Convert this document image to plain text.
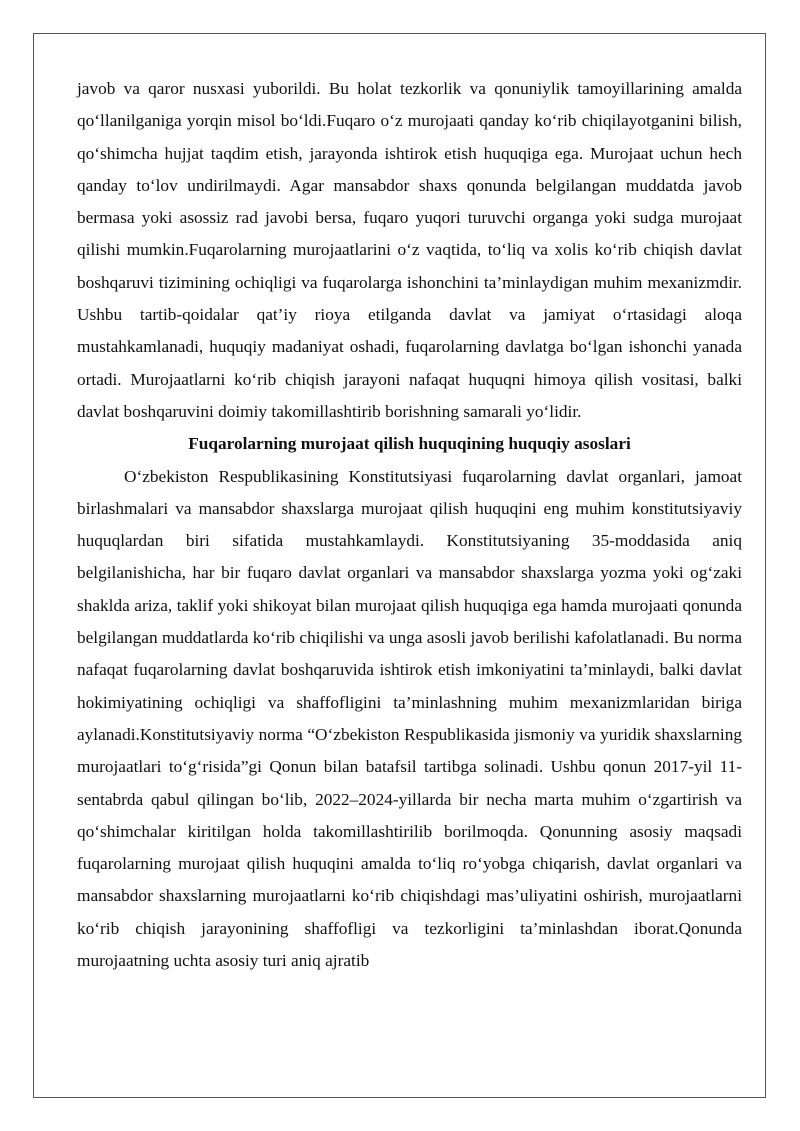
javob va qaror nusxasi yuborildi. Bu holat tezkorlik va qonuniylik tamoyillarining amalda qo‘llanilganiga yorqin misol bo‘ldi.Fuqaro o‘z murojaati qanday ko‘rib chiqilayotganini bilish, qo‘shimcha hujjat taqdim etish, jarayonda ishtirok etish huquqiga ega. Murojaat uchun hech qanday to‘lov undirilmaydi. Agar mansabdor shaxs qonunda belgilangan muddatda javob bermasa yoki asossiz rad javobi bersa, fuqaro yuqori turuvchi organga yoki sudga murojaat qilishi mumkin.Fuqarolarning murojaatlarini o‘z vaqtida, to‘liq va xolis ko‘rib chiqish davlat boshqaruvi tizimining ochiqligi va fuqarolarga ishonchini ta’minlaydigan muhim mexanizmdir. Ushbu tartib-qoidalar qat’iy rioya etilganda davlat va jamiyat o‘rtasidagi aloqa mustahkamlanadi, huquqiy madaniyat oshadi, fuqarolarning davlatga bo‘lgan ishonchi yanada ortadi. Murojaatlarni ko‘rib chiqish jarayoni nafaqat huquqni himoya qilish vositasi, balki davlat boshqaruvini doimiy takomillashtirib borishning samarali yo‘lidir.

Fuqarolarning murojaat qilish huquqining huquqiy asoslari

O‘zbekiston Respublikasining Konstitutsiyasi fuqarolarning davlat organlari, jamoat birlashmalari va mansabdor shaxslarga murojaat qilish huquqini eng muhim konstitutsiyaviy huquqlardan biri sifatida mustahkamlaydi. Konstitutsiyaning 35-moddasida aniq belgilanishicha, har bir fuqaro davlat organlari va mansabdor shaxslarga yozma yoki og‘zaki shaklda ariza, taklif yoki shikoyat bilan murojaat qilish huquqiga ega hamda murojaati qonunda belgilangan muddatlarda ko‘rib chiqilishi va unga asosli javob berilishi kafolatlanadi. Bu norma nafaqat fuqarolarning davlat boshqaruvida ishtirok etish imkoniyatini ta’minlaydi, balki davlat hokimiyatining ochiqligi va shaffofligini ta’minlashning muhim mexanizmlaridan biriga aylanadi.Konstitutsiyaviy norma “O‘zbekiston Respublikasida jismoniy va yuridik shaxslarning murojaatlari to‘g‘risida”gi Qonun bilan batafsil tartibga solinadi. Ushbu qonun 2017-yil 11-sentabrda qabul qilingan bo‘lib, 2022–2024-yillarda bir necha marta muhim o‘zgartirish va qo‘shimchalar kiritilgan holda takomillashtirilib borilmoqda. Qonunning asosiy maqsadi fuqarolarning murojaat qilish huquqini amalda to‘liq ro‘yobga chiqarish, davlat organlari va mansabdor shaxslarning murojaatlarni ko‘rib chiqishdagi mas’uliyatini oshirish, murojaatlarni ko‘rib chiqish jarayonining shaffofligi va tezkorligini ta’minlashdan iborat.Qonunda murojaatning uchta asosiy turi aniq ajratib
